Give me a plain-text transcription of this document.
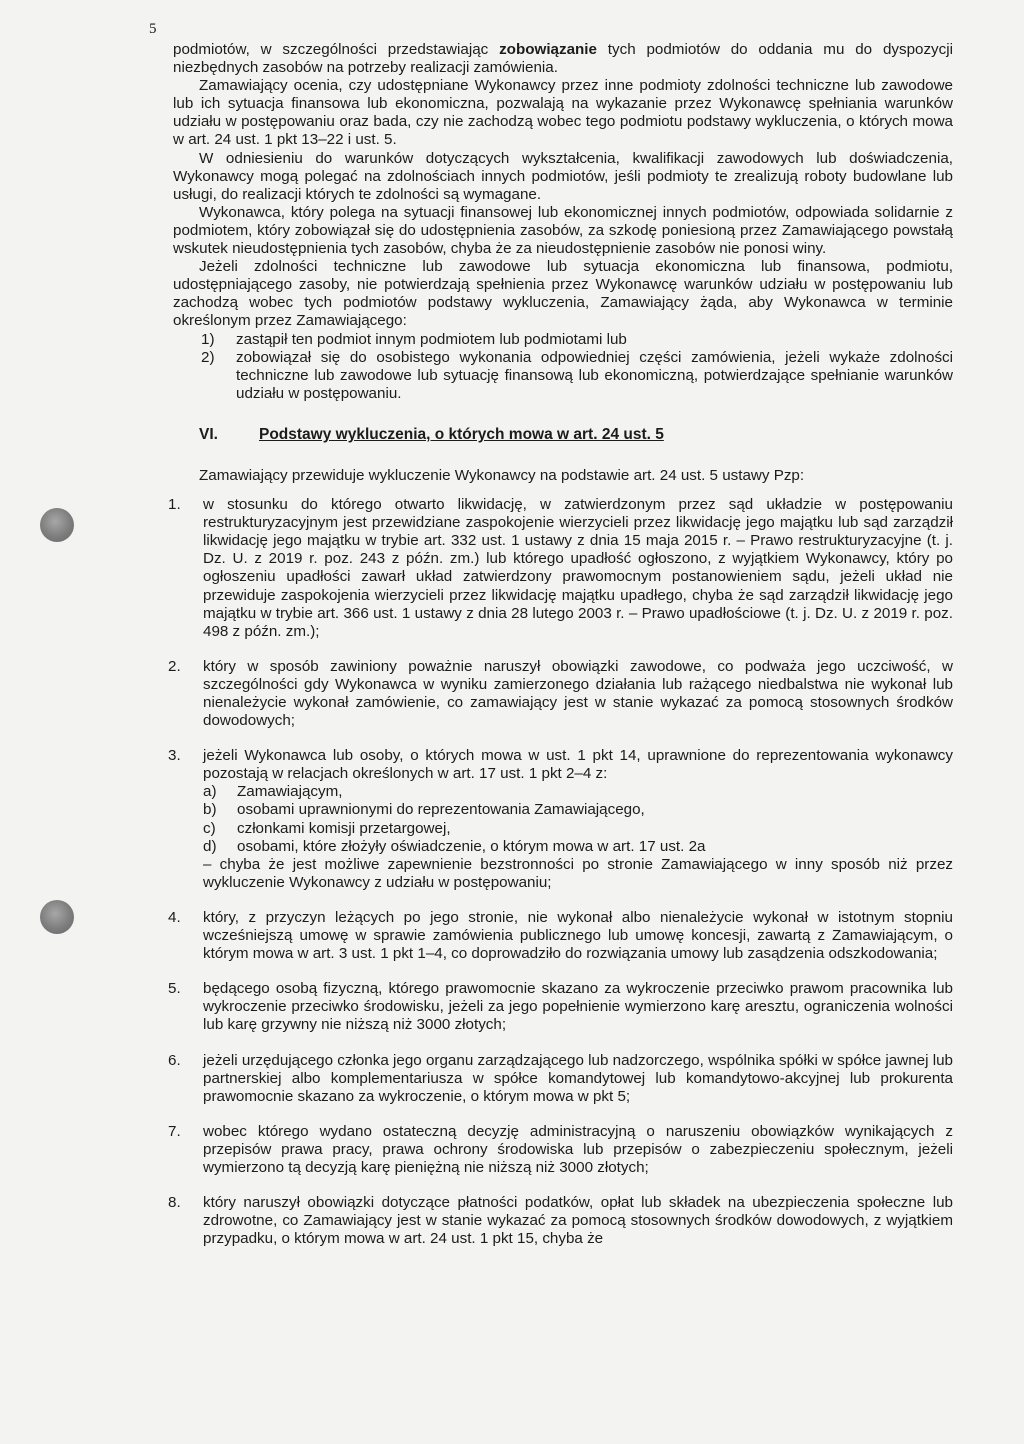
5

podmiotów, w szczególności przedstawiając zobowiązanie tych podmiotów do oddania mu do dyspozycji niezbędnych zasobów na potrzeby realizacji zamówienia.

Zamawiający ocenia, czy udostępniane Wykonawcy przez inne podmioty zdolności techniczne lub zawodowe lub ich sytuacja finansowa lub ekonomiczna, pozwalają na wykazanie przez Wykonawcę spełniania warunków udziału w postępowaniu oraz bada, czy nie zachodzą wobec tego podmiotu podstawy wykluczenia, o których mowa w art. 24 ust. 1 pkt 13–22 i ust. 5.

W odniesieniu do warunków dotyczących wykształcenia, kwalifikacji zawodowych lub doświadczenia, Wykonawcy mogą polegać na zdolnościach innych podmiotów, jeśli podmioty te zrealizują roboty budowlane lub usługi, do realizacji których te zdolności są wymagane.

Wykonawca, który polega na sytuacji finansowej lub ekonomicznej innych podmiotów, odpowiada solidarnie z podmiotem, który zobowiązał się do udostępnienia zasobów, za szkodę poniesioną przez Zamawiającego powstałą wskutek nieudostępnienia tych zasobów, chyba że za nieudostępnienie zasobów nie ponosi winy.

Jeżeli zdolności techniczne lub zawodowe lub sytuacja ekonomiczna lub finansowa, podmiotu, udostępniającego zasoby, nie potwierdzają spełnienia przez Wykonawcę warunków udziału w postępowaniu lub zachodzą wobec tych podmiotów podstawy wykluczenia, Zamawiający żąda, aby Wykonawca w terminie określonym przez Zamawiającego:

1)	zastąpił ten podmiot innym podmiotem lub podmiotami lub
2)	zobowiązał się do osobistego wykonania odpowiedniej części zamówienia, jeżeli wykaże zdolności techniczne lub zawodowe lub sytuację finansową lub ekonomiczną, potwierdzające spełnianie warunków udziału w postępowaniu.
VI.	Podstawy wykluczenia, o których mowa w art. 24 ust. 5

Zamawiający przewiduje wykluczenie Wykonawcy na podstawie art. 24 ust. 5 ustawy Pzp:

1.	w stosunku do którego otwarto likwidację, w zatwierdzonym przez sąd układzie w postępowaniu restrukturyzacyjnym jest przewidziane zaspokojenie wierzycieli przez likwidację jego majątku lub sąd zarządził likwidację jego majątku w trybie art. 332 ust. 1 ustawy z dnia 15 maja 2015 r. – Prawo restrukturyzacyjne (t. j. Dz. U. z 2019 r. poz. 243 z późn. zm.) lub którego upadłość ogłoszono, z wyjątkiem Wykonawcy, który po ogłoszeniu upadłości zawarł układ zatwierdzony prawomocnym postanowieniem sądu, jeżeli układ nie przewiduje zaspokojenia wierzycieli przez likwidację majątku upadłego, chyba że sąd zarządził likwidację jego majątku w trybie art. 366 ust. 1 ustawy z dnia 28 lutego 2003 r. – Prawo upadłościowe (t. j. Dz. U. z 2019 r. poz. 498 z późn. zm.);
2.	który w sposób zawiniony poważnie naruszył obowiązki zawodowe, co podważa jego uczciwość, w szczególności gdy Wykonawca w wyniku zamierzonego działania lub rażącego niedbalstwa nie wykonał lub nienależycie wykonał zamówienie, co zamawiający jest w stanie wykazać za pomocą stosownych środków dowodowych;
3.	jeżeli Wykonawca lub osoby, o których mowa w ust. 1 pkt 14, uprawnione do reprezentowania wykonawcy pozostają w relacjach określonych w art. 17 ust. 1 pkt 2–4 z:
a)	Zamawiającym,
b)	osobami uprawnionymi do reprezentowania Zamawiającego,
c)	członkami komisji przetargowej,
d)	osobami, które złożyły oświadczenie, o którym mowa w art. 17 ust. 2a
– chyba że jest możliwe zapewnienie bezstronności po stronie Zamawiającego w inny sposób niż przez wykluczenie Wykonawcy z udziału w postępowaniu;
4.	który, z przyczyn leżących po jego stronie, nie wykonał albo nienależycie wykonał w istotnym stopniu wcześniejszą umowę w sprawie zamówienia publicznego lub umowę koncesji, zawartą z Zamawiającym, o którym mowa w art. 3 ust. 1 pkt 1–4, co doprowadziło do rozwiązania umowy lub zasądzenia odszkodowania;
5.	będącego osobą fizyczną, którego prawomocnie skazano za wykroczenie przeciwko prawom pracownika lub wykroczenie przeciwko środowisku, jeżeli za jego popełnienie wymierzono karę aresztu, ograniczenia wolności lub karę grzywny nie niższą niż 3000 złotych;
6.	jeżeli urzędującego członka jego organu zarządzającego lub nadzorczego, wspólnika spółki w spółce jawnej lub partnerskiej albo komplementariusza w spółce komandytowej lub komandytowo-akcyjnej lub prokurenta prawomocnie skazano za wykroczenie, o którym mowa w pkt 5;
7.	wobec którego wydano ostateczną decyzję administracyjną o naruszeniu obowiązków wynikających z przepisów prawa pracy, prawa ochrony środowiska lub przepisów o zabezpieczeniu społecznym, jeżeli wymierzono tą decyzją karę pieniężną nie niższą niż 3000 złotych;
8.	który naruszył obowiązki dotyczące płatności podatków, opłat lub składek na ubezpieczenia społeczne lub zdrowotne, co Zamawiający jest w stanie wykazać za pomocą stosownych środków dowodowych, z wyjątkiem przypadku, o którym mowa w art. 24 ust. 1 pkt 15, chyba że
